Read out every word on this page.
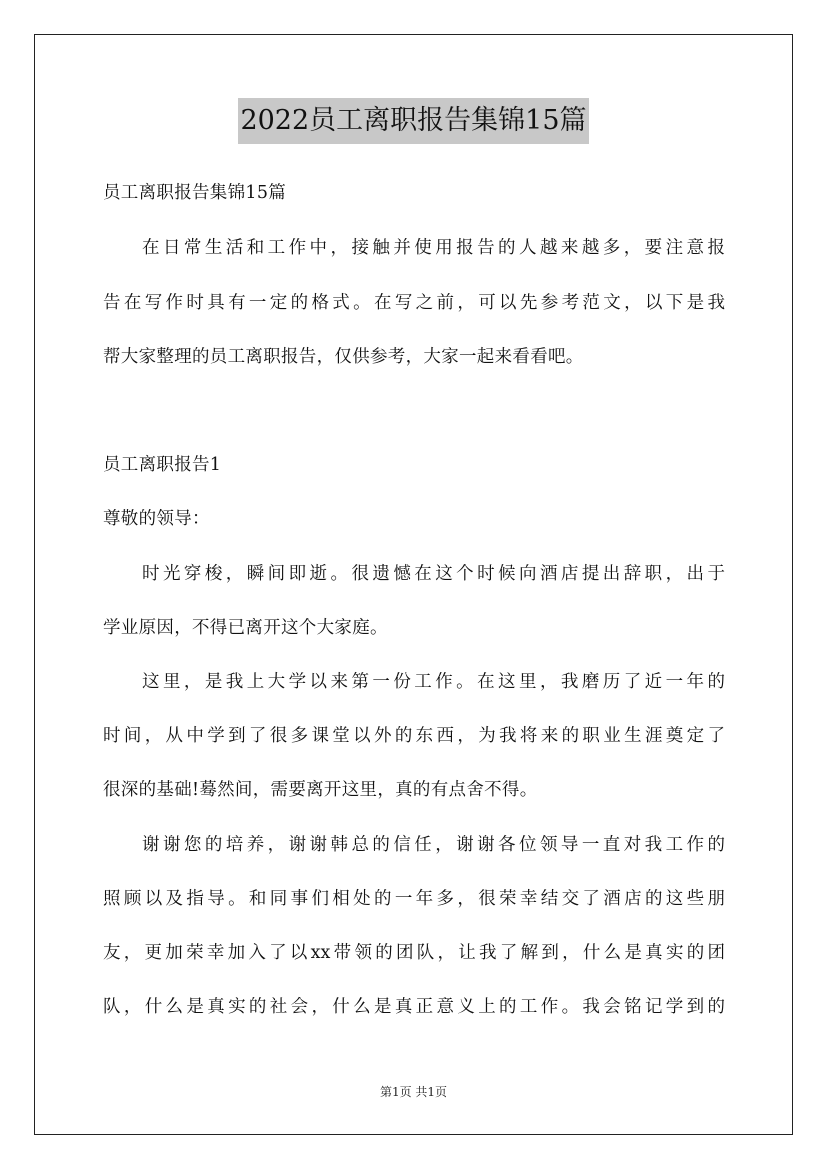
2022员工离职报告集锦15篇
员工离职报告集锦15篇
在日常生活和工作中，接触并使用报告的人越来越多，要注意报
告在写作时具有一定的格式。在写之前，可以先参考范文，以下是我
帮大家整理的员工离职报告，仅供参考，大家一起来看看吧。
员工离职报告1
尊敬的领导：
时光穿梭，瞬间即逝。很遗憾在这个时候向酒店提出辞职，出于
学业原因，不得已离开这个大家庭。
这里，是我上大学以来第一份工作。在这里，我磨历了近一年的
时间，从中学到了很多课堂以外的东西，为我将来的职业生涯奠定了
很深的基础!蓦然间，需要离开这里，真的有点舍不得。
谢谢您的培养，谢谢韩总的信任，谢谢各位领导一直对我工作的
照顾以及指导。和同事们相处的一年多，很荣幸结交了酒店的这些朋
友，更加荣幸加入了以xx带领的团队，让我了解到，什么是真实的团
队，什么是真实的社会，什么是真正意义上的工作。我会铭记学到的
第1页 共1页
